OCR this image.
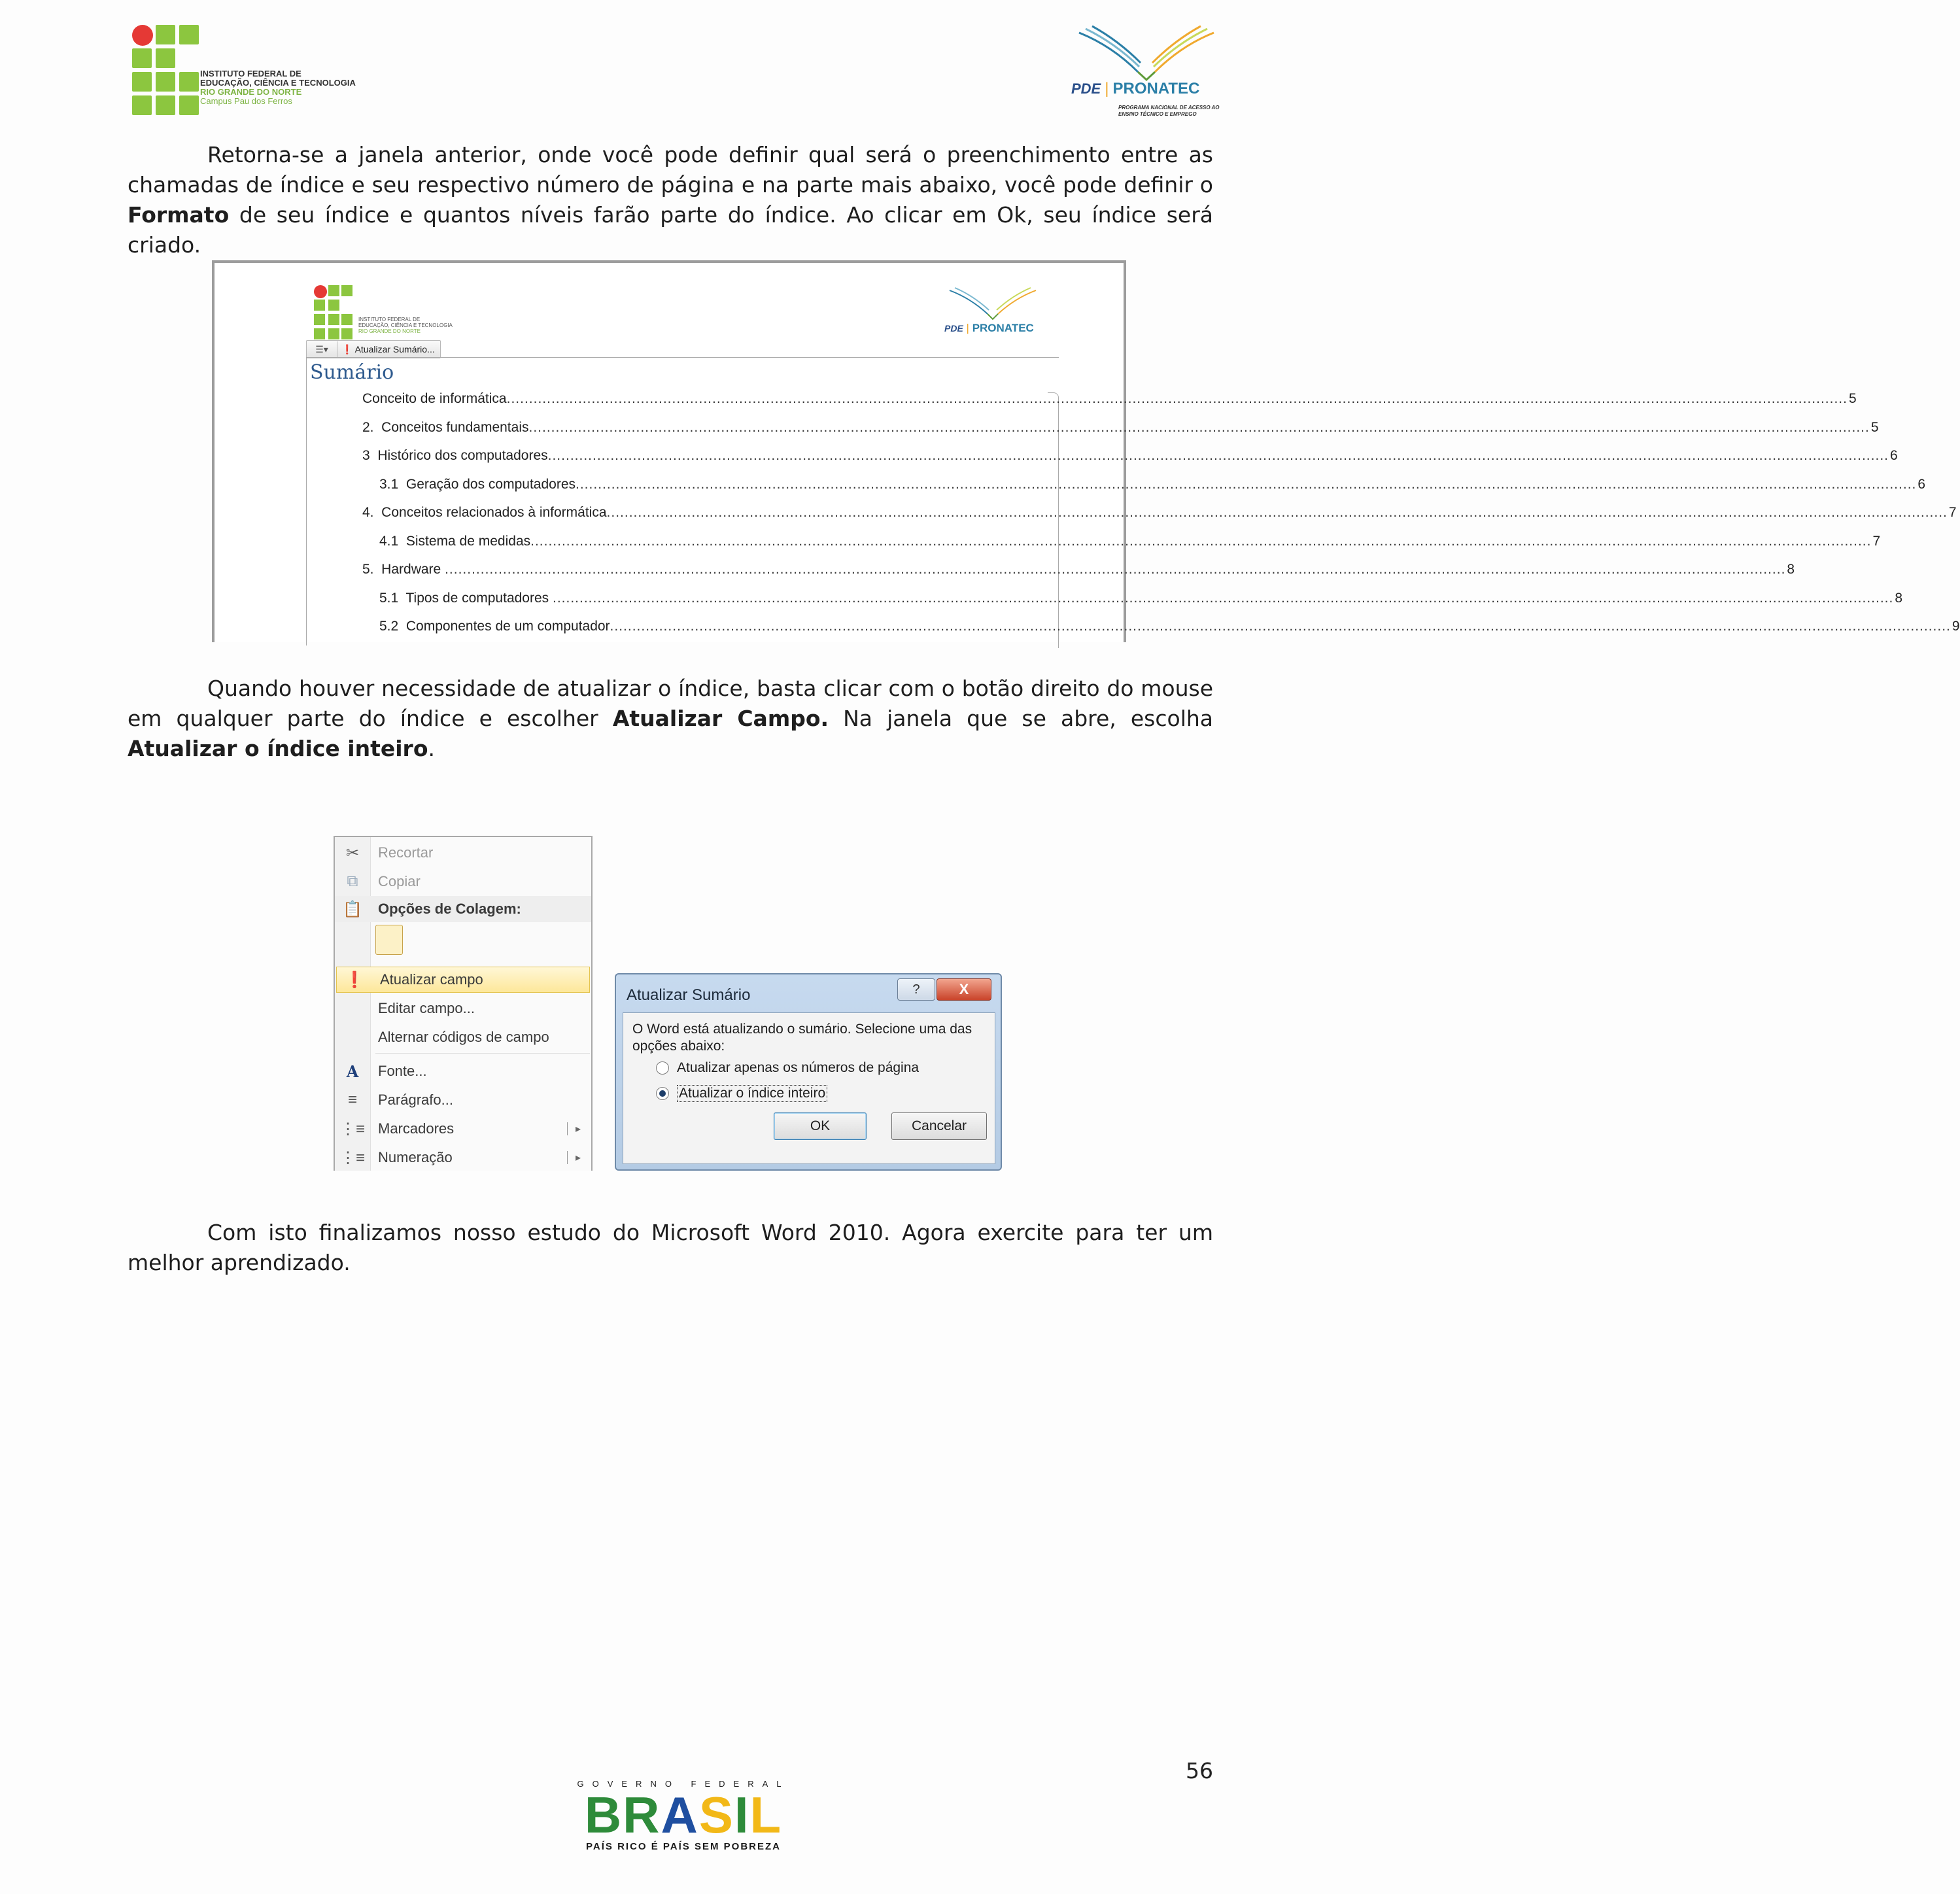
INSTITUTO FEDERAL DE
EDUCAÇÃO, CIÊNCIA E TECNOLOGIA
RIO GRANDE DO NORTE
Campus Pau dos Ferros
PDE | PRONATEC
PROGRAMA NACIONAL DE ACESSO AO
ENSINO TÉCNICO E EMPREGO
Retorna-se a janela anterior, onde você pode definir qual será o preenchimento entre as chamadas de índice e seu respectivo número de página e na parte mais abaixo, você pode definir o Formato de seu índice e quantos níveis farão parte do índice. Ao clicar em Ok, seu índice será criado.
INSTITUTO FEDERAL DE
EDUCAÇÃO, CIÊNCIA E TECNOLOGIA
RIO GRANDE DO NORTE	PDE | PRONATEC
☰▾	❗ Atualizar Sumário...
Sumário
Conceito de informática ............................................................................................................................................................................................................................................................................................................ 5
2.  Conceitos fundamentais ............................................................................................................................................................................................................................................................................................................ 5
3  Histórico dos computadores ............................................................................................................................................................................................................................................................................................................ 6
3.1  Geração dos computadores ............................................................................................................................................................................................................................................................................................................ 6
4.  Conceitos relacionados à informática ............................................................................................................................................................................................................................................................................................................ 7
4.1  Sistema de medidas ............................................................................................................................................................................................................................................................................................................ 7
5.  Hardware ............................................................................................................................................................................................................................................................................................................ 8
5.1  Tipos de computadores ............................................................................................................................................................................................................................................................................................................ 8
5.2  Componentes de um computador ............................................................................................................................................................................................................................................................................................................ 9
Quando houver necessidade de atualizar o índice, basta clicar com o botão direito do mouse em qualquer parte do índice e escolher Atualizar Campo. Na janela que se abre, escolha Atualizar o índice inteiro.
✂	Recortar
⧉	Copiar
📋	Opções de Colagem:
❗	Atualizar campo
Editar campo...
Alternar códigos de campo
A	Fonte...
≡	Parágrafo...
⋮≡ Marcadores	▸
⋮≡ Numeração	▸
Atualizar Sumário	?	X
O Word está atualizando o sumário. Selecione uma das opções abaixo:
Atualizar apenas os números de página
Atualizar o índice inteiro
OK	Cancelar
Com isto finalizamos nosso estudo do Microsoft Word 2010. Agora exercite para ter um melhor aprendizado.
56
GOVERNO FEDERAL
BRASIL
PAÍS RICO É PAÍS SEM POBREZA
